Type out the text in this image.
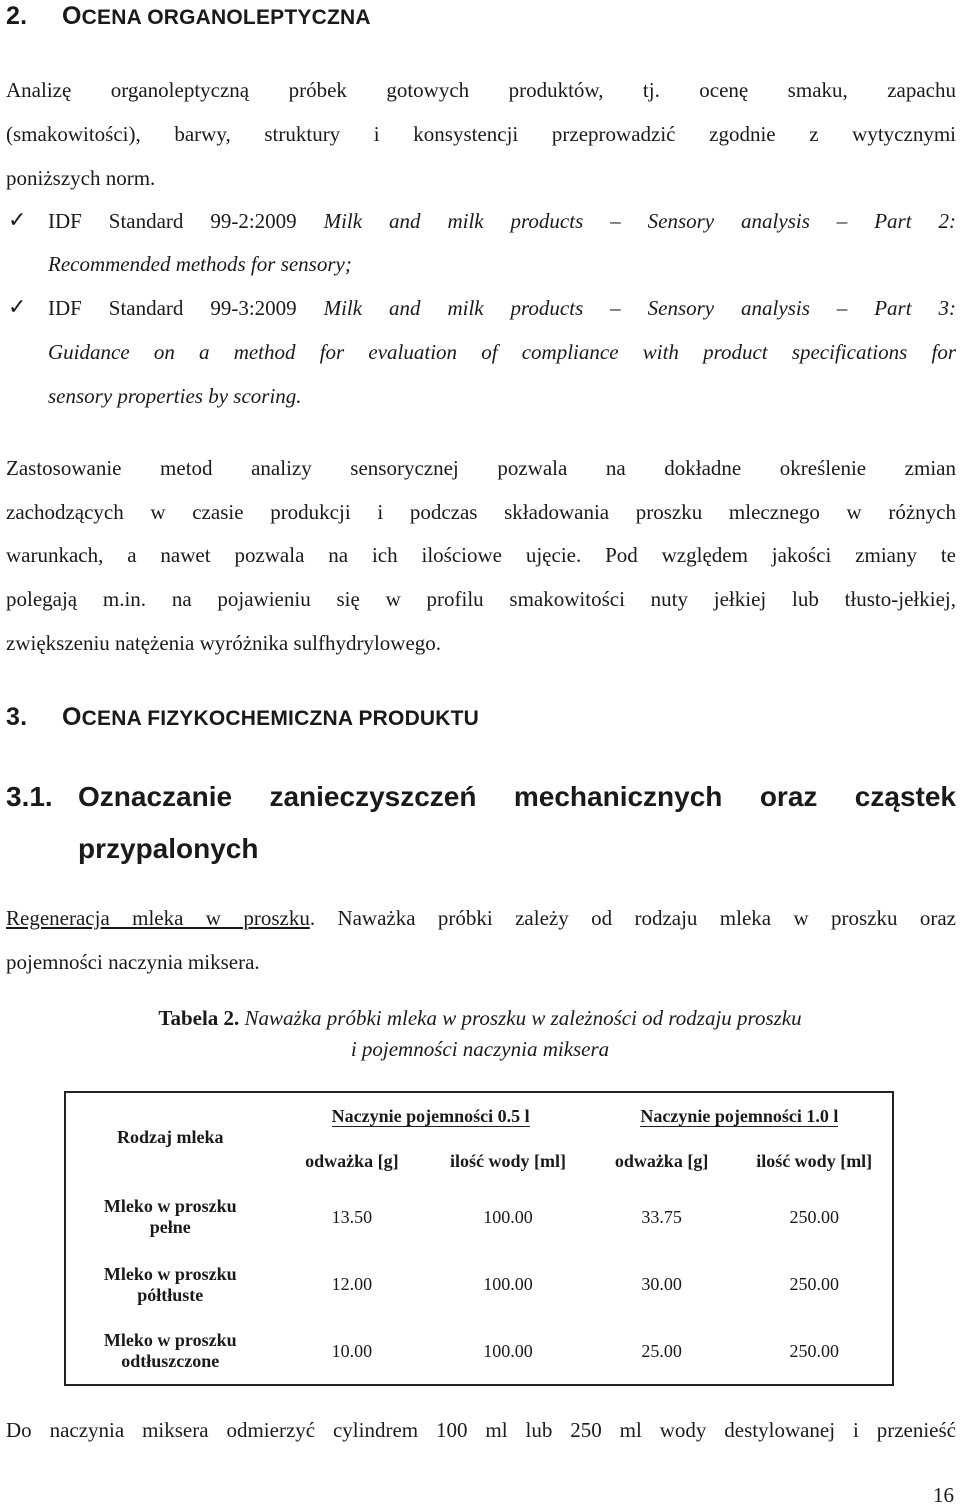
2. OCENA ORGANOLEPTYCZNA
Analizę organoleptyczną próbek gotowych produktów, tj. ocenę smaku, zapachu
(smakowitości), barwy, struktury i konsystencji przeprowadzić zgodnie z wytycznymi
poniższych norm.
✓ IDF Standard 99-2:2009 Milk and milk products – Sensory analysis – Part 2:
Recommended methods for sensory;
✓ IDF Standard 99-3:2009 Milk and milk products – Sensory analysis – Part 3:
Guidance on a method for evaluation of compliance with product specifications for
sensory properties by scoring.
Zastosowanie metod analizy sensorycznej pozwala na dokładne określenie zmian
zachodzących w czasie produkcji i podczas składowania proszku mlecznego w różnych
warunkach, a nawet pozwala na ich ilościowe ujęcie. Pod względem jakości zmiany te
polegają m.in. na pojawieniu się w profilu smakowitości nuty jełkiej lub tłusto-jełkiej,
zwiększeniu natężenia wyróżnika sulfhydrylowego.
3. OCENA FIZYKOCHEMICZNA PRODUKTU
3.1. Oznaczanie zanieczyszczeń mechanicznych oraz cząstek
przypalonych
Regeneracja mleka w proszku. Naważka próbki zależy od rodzaju mleka w proszku oraz
pojemności naczynia miksera.
Tabela 2. Naważka próbki mleka w proszku w zależności od rodzaju proszku
i pojemności naczynia miksera
Rodzaj mleka	Naczynie pojemności 0.5 l		Naczynie pojemności 1.0 l	
	odważka [g]	ilość wody [ml]	odważka [g]	ilość wody [ml]

Mleko w proszku
pełne	13.50	100.00	33.75	250.00

Mleko w proszku
półtłuste	12.00	100.00	30.00	250.00

Mleko w proszku
odtłuszczone	10.00	100.00	25.00	250.00
Do naczynia miksera odmierzyć cylindrem 100 ml lub 250 ml wody destylowanej i przenieść
16
